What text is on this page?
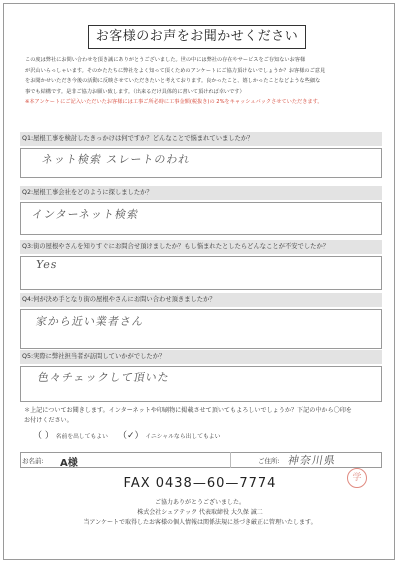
お客様のお声をお聞かせください

この度は弊社にお問い合わせを頂き誠にありがとうございました。世の中には弊社の存在やサービスをご存知ないお客様

が沢山いらっしゃいます。そのかたたちに弊社をよく知って頂くためのアンケートにご協力頂けないでしょうか？お客様のご意見

をお聞かせいただき今後の活動に反映させていただきたいと考えております。良かったこと、嬉しかったことなどような些細な

事でも結構です。是非ご協力お願い致します。（出来るだけ具体的に書いて頂ければ幸いです）

※本アンケートにご記入いただいたお客様には工事ご所必時に工事金額(税抜き)の 2%をキャッシュバックさせていただきます。

Q1:屋根工事を検討したきっかけは何ですか？どんなことで悩まれていましたか？
ネット検索 スレートのわれ
Q2:屋根工事会社をどのように探しましたか？
インターネット検索
Q3:街の屋根やさんを知りすぐにお問合せ頂けましたか？もし悩まれたとしたらどんなことが不安でしたか？
Yes
Q4:何が決め手となり街の屋根やさんにお問い合わせ頂きましたか？
家から近い業者さん
Q5:実際に弊社担当者が訪問していかがでしたか？
色々チェックして頂いた

＊上記についてお聞きします。インターネットや印刷物に掲載させて頂いてもよろしいでしょうか？下記の中から〇印を

お付けください。

（ ） 名前を出してもよい （✓） イニシャルなら出してもよい
お名前: A様	ご住所: 神奈川県
学
FAX 0438—60—7774
ご協力ありがとうございました。
株式会社シェアテック 代表取締役 大久保 誠二
当アンケートで取得したお客様の個人情報は関係法規に基づき厳正に管理いたします。
